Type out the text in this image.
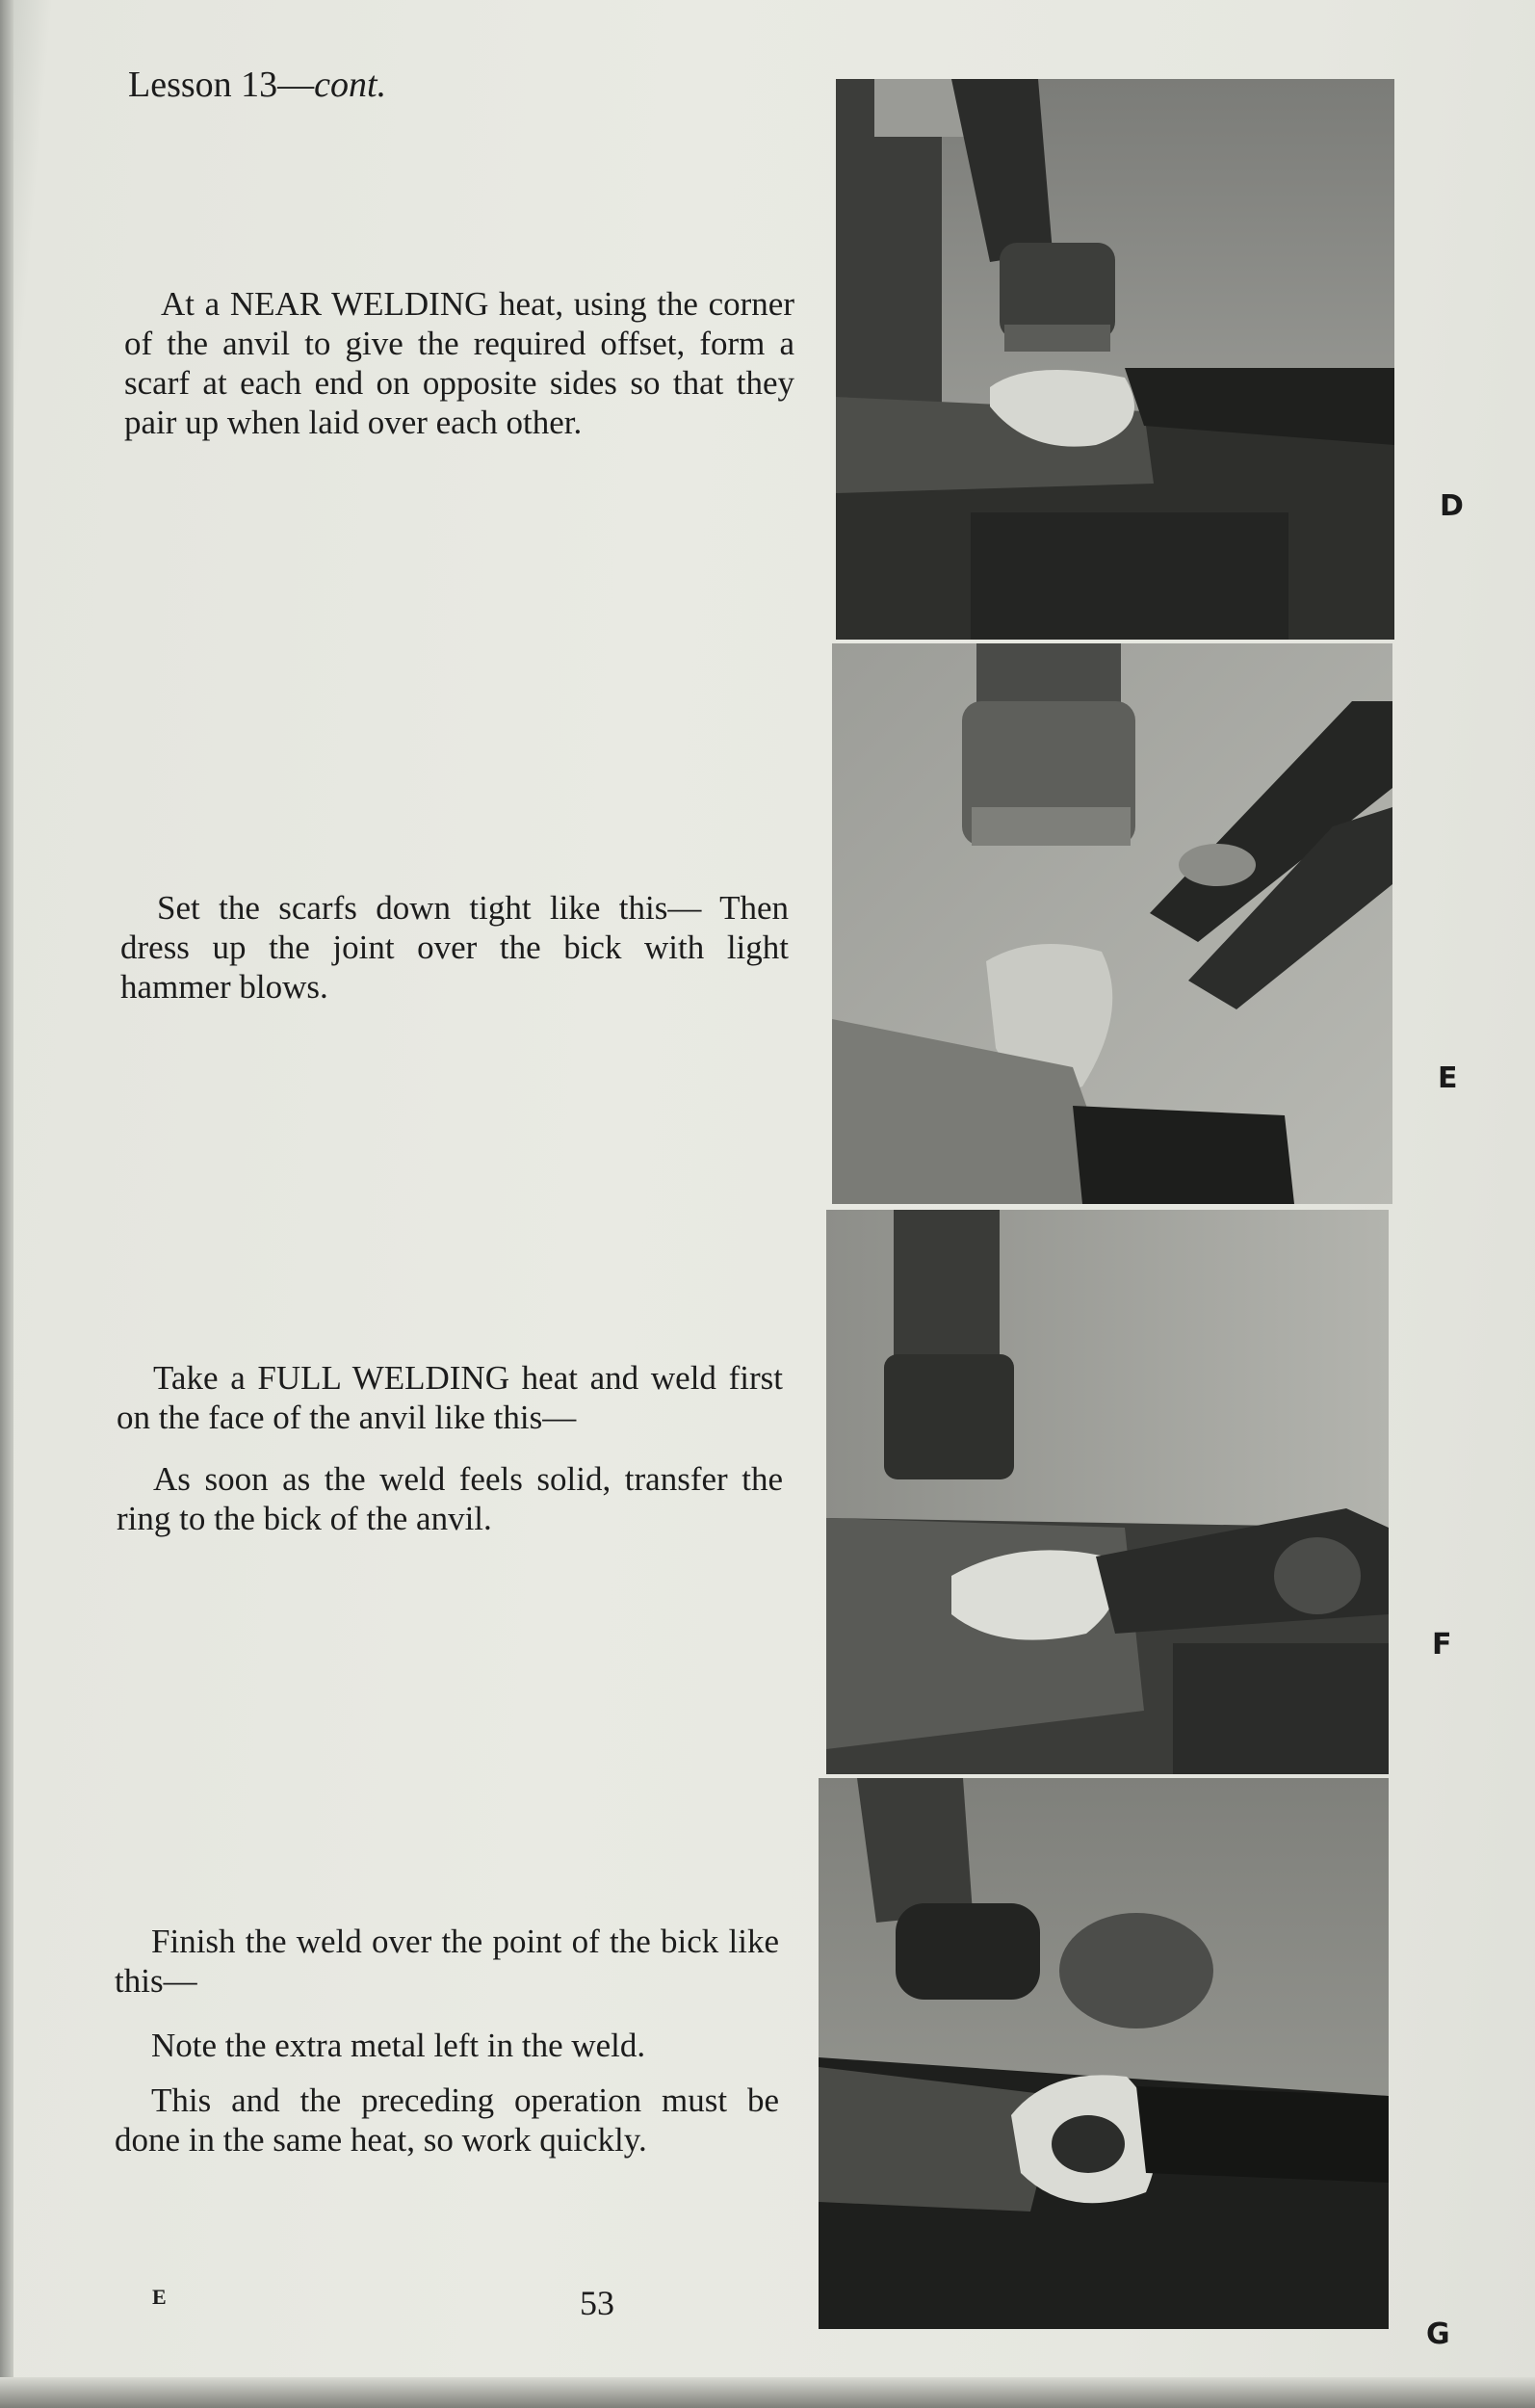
Lesson 13—cont.

At a NEAR WELDING heat, using the corner of the anvil to give the required offset, form a scarf at each end on opposite sides so that they pair up when laid over each other.

Set the scarfs down tight like this— Then dress up the joint over the bick with light hammer blows.

Take a FULL WELDING heat and weld first on the face of the anvil like this—

As soon as the weld feels solid, transfer the ring to the bick of the anvil.

Finish the weld over the point of the bick like this—

Note the extra metal left in the weld.

This and the preceding operation must be done in the same heat, so work quickly.

D
E
F
G
E	53
